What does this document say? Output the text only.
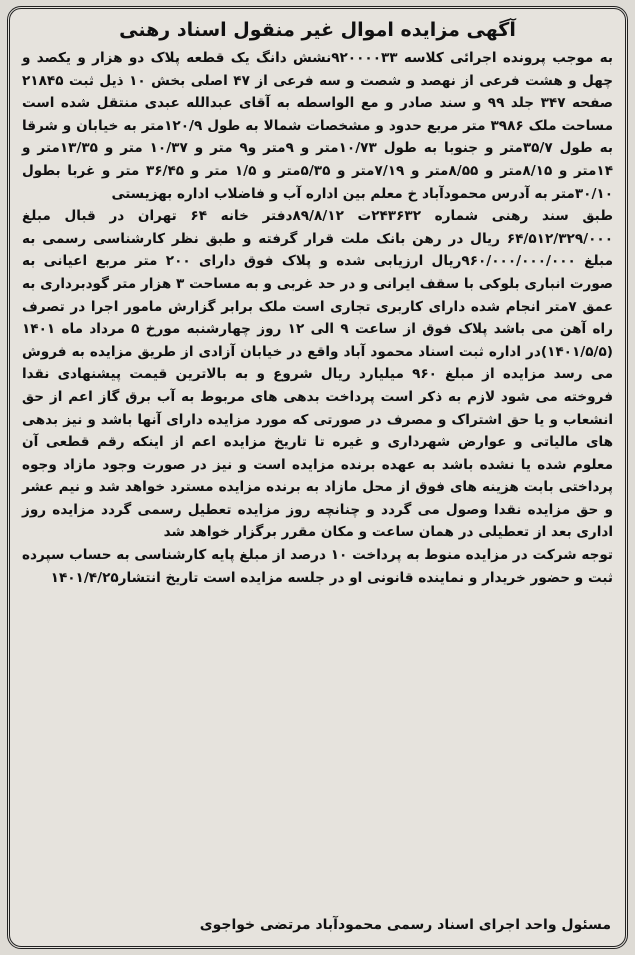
آگهی مزایده اموال غیر منقول اسناد رهنی

به موجب پرونده اجرائی کلاسه ۹۲۰۰۰۰۳۳نشش دانگ یک قطعه پلاک دو هزار و یکصد و چهل و هشت فرعی از نهصد و شصت و سه فرعی از ۴۷ اصلی بخش ۱۰ ذیل ثبت ۲۱۸۴۵ صفحه ۳۴۷ جلد ۹۹ و سند صادر و مع الواسطه به آقای عبدالله عبدی منتقل شده است مساحت ملک ۳۹۸۶ متر مربع حدود و مشخصات شمالا به طول ۱۲۰/۹متر به خیابان و شرقا به طول ۳۵/۷متر و جنوبا به طول ۱۰/۷۳متر و ۹متر و۹ متر و ۱۰/۳۷ متر و ۱۳/۳۵متر و ۱۴متر و ۸/۱۵متر و ۸/۵۵متر و ۷/۱۹متر و ۵/۳۵متر و ۱/۵ متر و ۳۶/۴۵ متر و غربا بطول ۳۰/۱۰متر به آدرس محمودآباد خ معلم بین اداره آب و فاضلاب اداره بهزیستی

طبق سند رهنی شماره ۲۴۳۶۳۲ت ۸۹/۸/۱۲دفتر خانه ۶۴ تهران در قبال مبلغ ۶۴/۵۱۲/۳۲۹/۰۰۰ ریال در رهن بانک ملت قرار گرفته و طبق نظر کارشناسی رسمی به مبلغ ۹۶۰/۰۰۰/۰۰۰/۰۰۰ریال ارزیابی شده و پلاک فوق دارای ۲۰۰ متر مربع اعیانی به صورت انباری بلوکی با سقف ایرانی و در حد غربی و به مساحت ۳ هزار متر گودبرداری به عمق ۷متر انجام شده دارای کاربری تجاری است ملک برابر گزارش مامور اجرا در تصرف راه آهن می باشد پلاک فوق از ساعت ۹ الی ۱۲ روز چهارشنبه مورخ ۵ مرداد ماه ۱۴۰۱ (۱۴۰۱/۵/۵)در اداره ثبت اسناد محمود آباد واقع در خیابان آزادی از طریق مزایده به فروش می رسد مزایده از مبلغ ۹۶۰ میلیارد ریال شروع و به بالاترین قیمت پیشنهادی نقدا فروخته می شود لازم به ذکر است پرداخت بدهی های مربوط به آب برق گاز اعم از حق انشعاب و یا حق اشتراک و مصرف در صورتی که مورد مزایده دارای آنها باشد و نیز بدهی های مالیاتی و عوارض شهرداری و غیره تا تاریخ مزایده اعم از اینکه رقم قطعی آن معلوم شده یا نشده باشد به عهده برنده مزایده است و نیز در صورت وجود مازاد وجوه پرداختی بابت هزینه های فوق از محل مازاد به برنده مزایده مسترد خواهد شد و نیم عشر و حق مزایده نقدا وصول می گردد و چنانچه روز مزایده تعطیل رسمی گردد مزایده روز اداری بعد از تعطیلی در همان ساعت و مکان مقرر برگزار خواهد شد

توجه شرکت در مزایده منوط به پرداخت ۱۰ درصد از مبلغ پایه کارشناسی به حساب سپرده ثبت و حضور خریدار و نماینده قانونی او در جلسه مزایده است تاریخ انتشار۱۴۰۱/۴/۲۵

مسئول واحد اجرای اسناد رسمی محمودآباد مرتضی خواجوی
